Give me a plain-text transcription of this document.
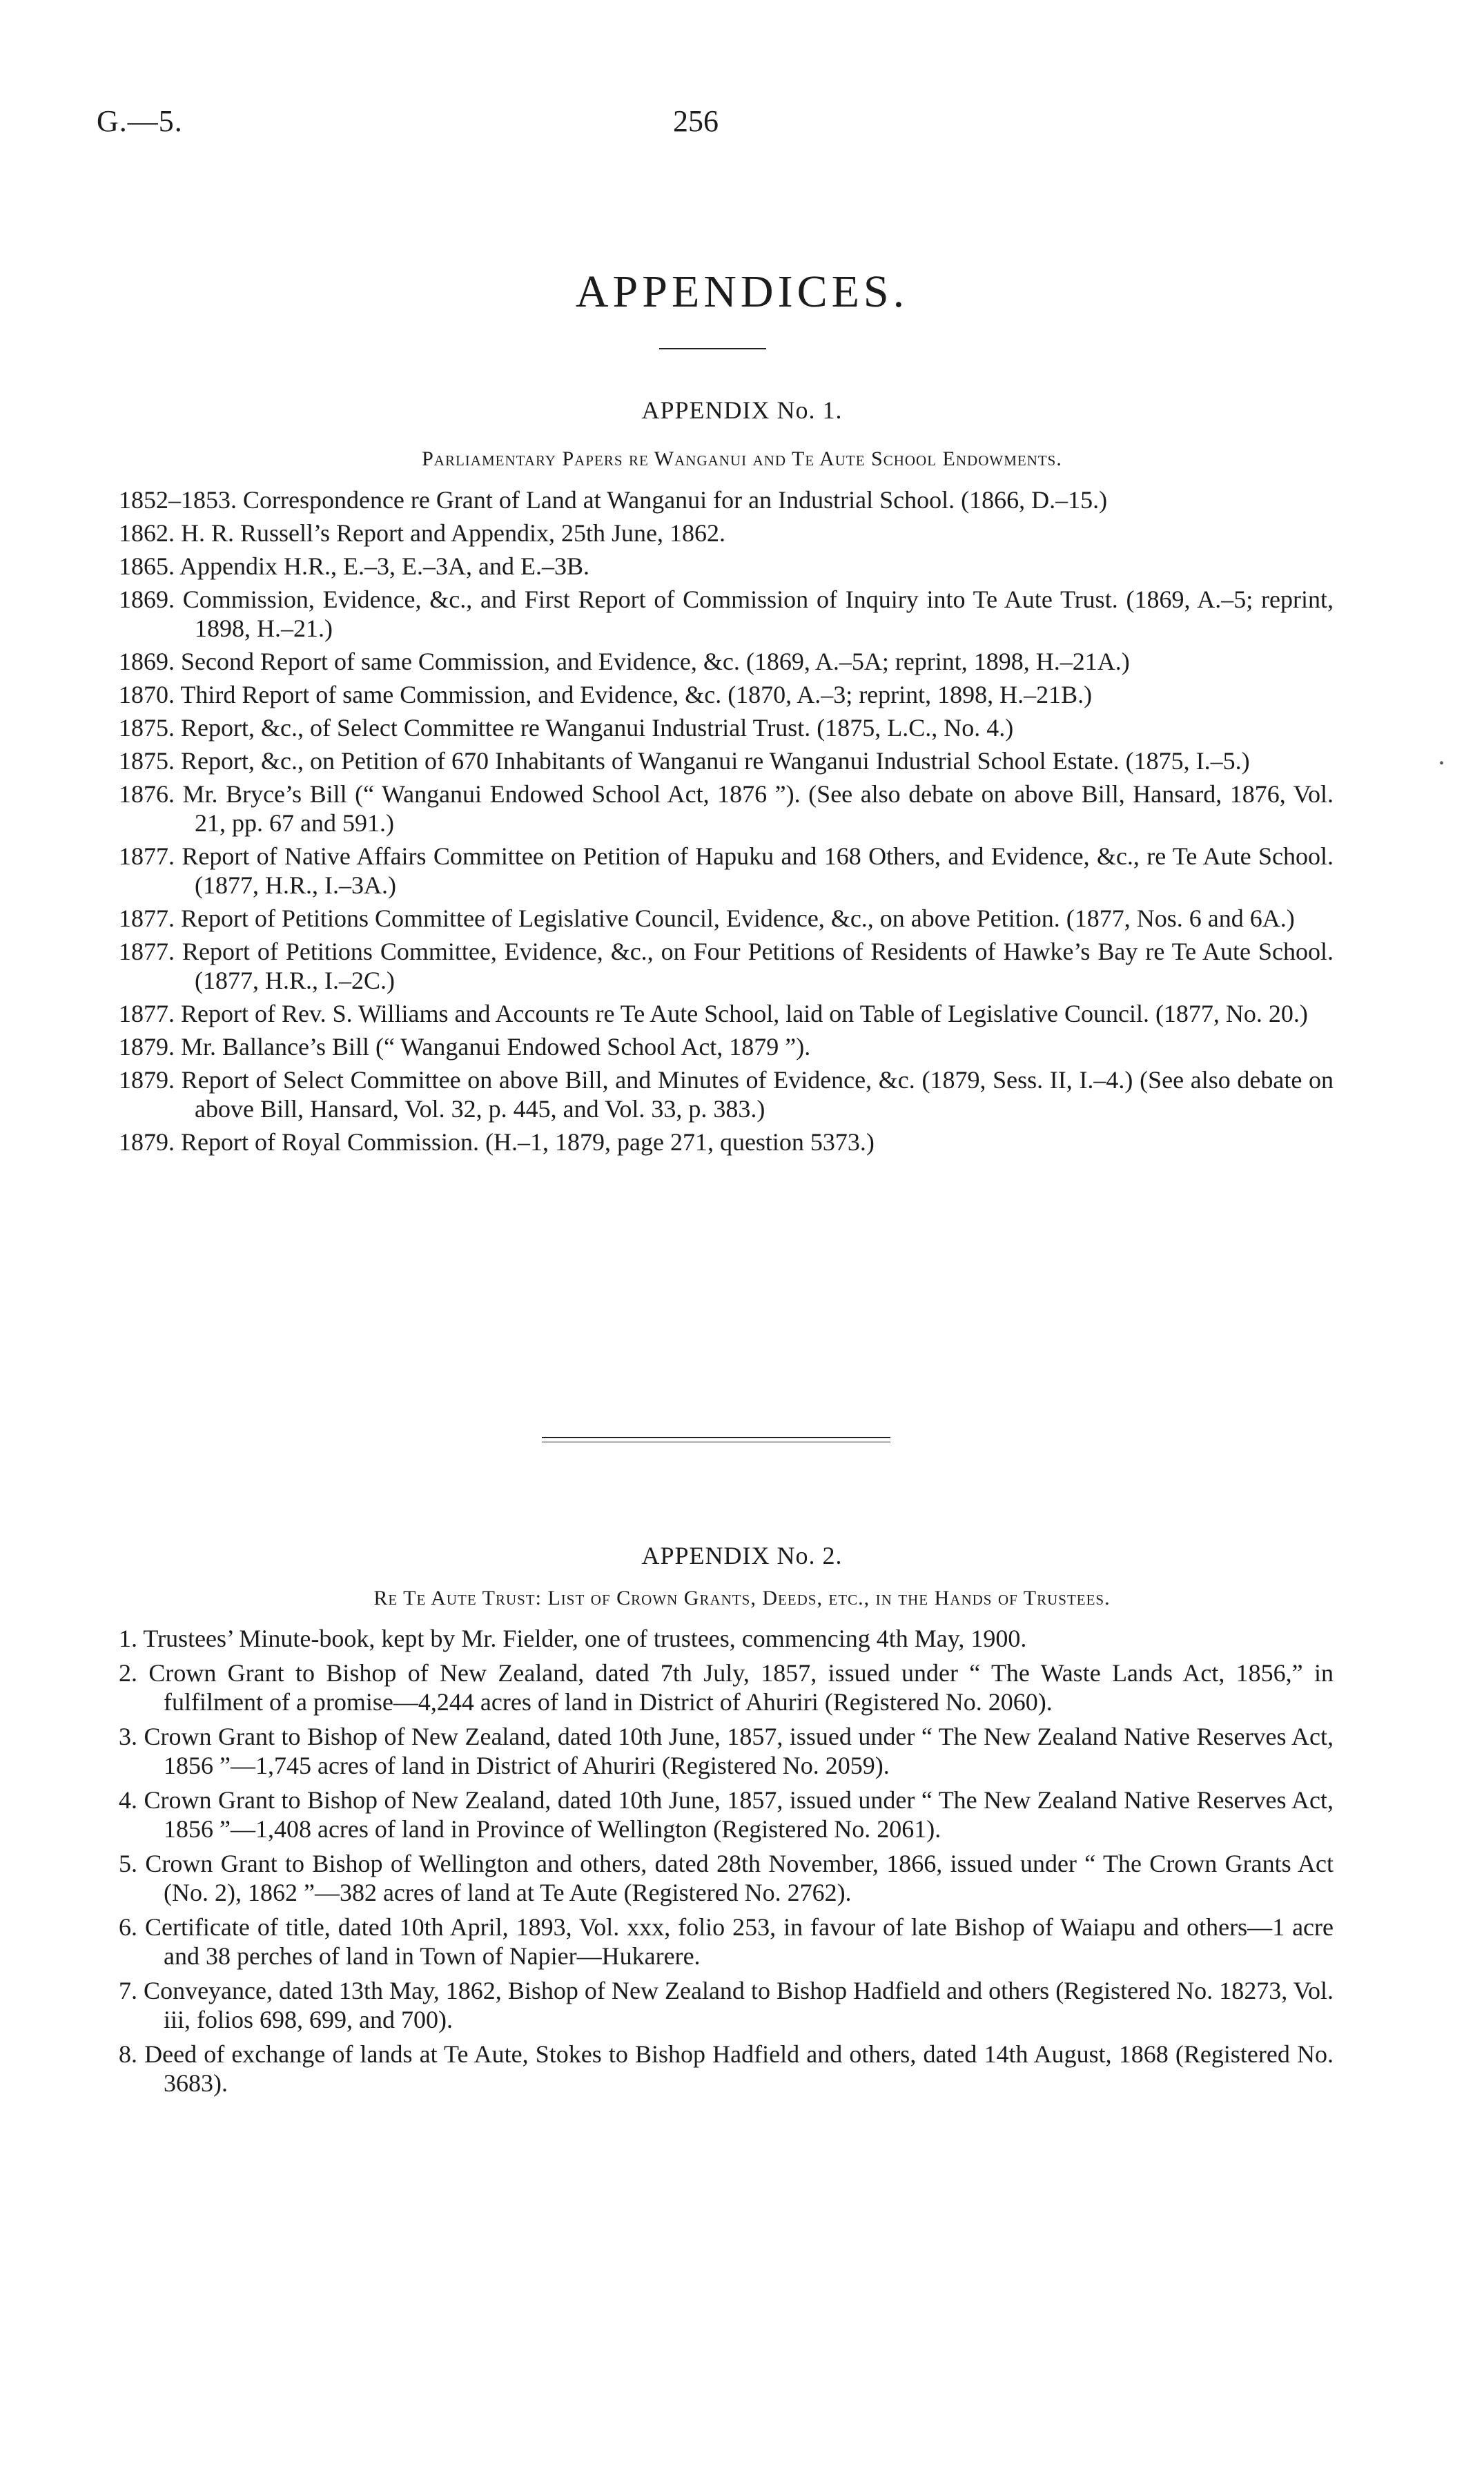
G.—5.	256
APPENDICES.
APPENDIX No. 1.
Parliamentary Papers re Wanganui and Te Aute School Endowments.
1852–1853. Correspondence re Grant of Land at Wanganui for an Industrial School. (1866, D.–15.)
1862. H. R. Russell’s Report and Appendix, 25th June, 1862.
1865. Appendix H.R., E.–3, E.–3A, and E.–3B.
1869. Commission, Evidence, &c., and First Report of Commission of Inquiry into Te Aute Trust. (1869, A.–5; reprint, 1898, H.–21.)
1869. Second Report of same Commission, and Evidence, &c. (1869, A.–5A; reprint, 1898, H.–21A.)
1870. Third Report of same Commission, and Evidence, &c. (1870, A.–3; reprint, 1898, H.–21B.)
1875. Report, &c., of Select Committee re Wanganui Industrial Trust. (1875, L.C., No. 4.)
1875. Report, &c., on Petition of 670 Inhabitants of Wanganui re Wanganui Industrial School Estate. (1875, I.–5.)
1876. Mr. Bryce’s Bill (“ Wanganui Endowed School Act, 1876 ”). (See also debate on above Bill, Hansard, 1876, Vol. 21, pp. 67 and 591.)
1877. Report of Native Affairs Committee on Petition of Hapuku and 168 Others, and Evidence, &c., re Te Aute School. (1877, H.R., I.–3A.)
1877. Report of Petitions Committee of Legislative Council, Evidence, &c., on above Petition. (1877, Nos. 6 and 6A.)
1877. Report of Petitions Committee, Evidence, &c., on Four Petitions of Residents of Hawke’s Bay re Te Aute School. (1877, H.R., I.–2C.)
1877. Report of Rev. S. Williams and Accounts re Te Aute School, laid on Table of Legislative Council. (1877, No. 20.)
1879. Mr. Ballance’s Bill (“ Wanganui Endowed School Act, 1879 ”).
1879. Report of Select Committee on above Bill, and Minutes of Evidence, &c. (1879, Sess. II, I.–4.) (See also debate on above Bill, Hansard, Vol. 32, p. 445, and Vol. 33, p. 383.)
1879. Report of Royal Commission. (H.–1, 1879, page 271, question 5373.)
APPENDIX No. 2.
Re Te Aute Trust: List of Crown Grants, Deeds, etc., in the Hands of Trustees.
1. Trustees’ Minute-book, kept by Mr. Fielder, one of trustees, commencing 4th May, 1900.
2. Crown Grant to Bishop of New Zealand, dated 7th July, 1857, issued under “ The Waste Lands Act, 1856,” in fulfilment of a promise—4,244 acres of land in District of Ahuriri (Registered No. 2060).
3. Crown Grant to Bishop of New Zealand, dated 10th June, 1857, issued under “ The New Zealand Native Reserves Act, 1856 ”—1,745 acres of land in District of Ahuriri (Registered No. 2059).
4. Crown Grant to Bishop of New Zealand, dated 10th June, 1857, issued under “ The New Zealand Native Reserves Act, 1856 ”—1,408 acres of land in Province of Wellington (Registered No. 2061).
5. Crown Grant to Bishop of Wellington and others, dated 28th November, 1866, issued under “ The Crown Grants Act (No. 2), 1862 ”—382 acres of land at Te Aute (Registered No. 2762).
6. Certificate of title, dated 10th April, 1893, Vol. xxx, folio 253, in favour of late Bishop of Waiapu and others—1 acre and 38 perches of land in Town of Napier—Hukarere.
7. Conveyance, dated 13th May, 1862, Bishop of New Zealand to Bishop Hadfield and others (Registered No. 18273, Vol. iii, folios 698, 699, and 700).
8. Deed of exchange of lands at Te Aute, Stokes to Bishop Hadfield and others, dated 14th August, 1868 (Registered No. 3683).
•
